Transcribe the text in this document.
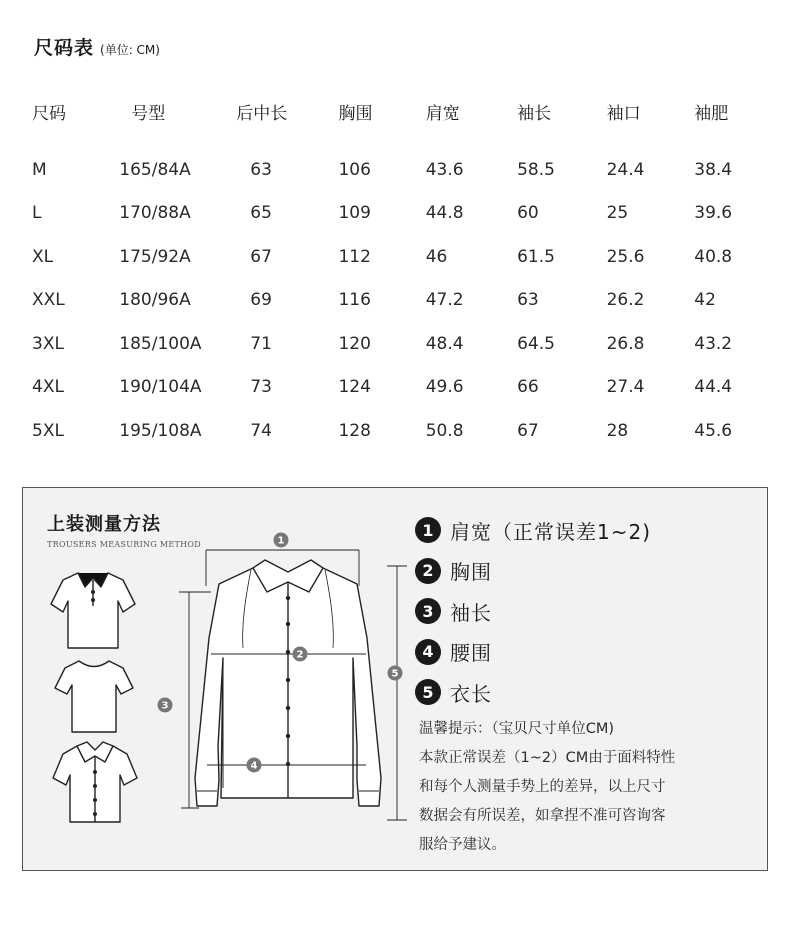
尺码表 (单位: CM)
尺码	号型	后中长	胸围	肩宽	袖长	袖口	袖肥
M	165/84A	63	106	43.6	58.5	24.4	38.4
L	170/88A	65	109	44.8	60	25	39.6
XL	175/92A	67	112	46	61.5	25.6	40.8
XXL	180/96A	69	116	47.2	63	26.2	42
3XL	185/100A	71	120	48.4	64.5	26.8	43.2
4XL	190/104A	73	124	49.6	66	27.4	44.4
5XL	195/108A	74	128	50.8	67	28	45.6
上装测量方法
TROUSERS MEASURING METHOD	1
2
3
4
5
1 肩宽（正常误差1~2)
2 胸围
3 袖长
4 腰围
5 衣长
温馨提示：（宝贝尺寸单位CM)
本款正常误差（1~2）CM由于面料特性
和每个人测量手势上的差异，以上尺寸
数据会有所误差，如拿捏不准可咨询客
服给予建议。
